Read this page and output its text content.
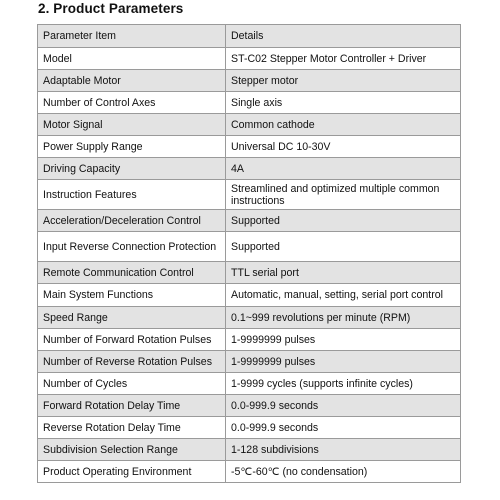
2. Product Parameters
Parameter Item	Details
Model	ST-C02 Stepper Motor Controller + Driver
Adaptable Motor	Stepper motor
Number of Control Axes	Single axis
Motor Signal	Common cathode
Power Supply Range	Universal DC 10-30V
Driving Capacity	4A
Instruction Features	Streamlined and optimized multiple common instructions
Acceleration/Deceleration Control	Supported
Input Reverse Connection Protection	Supported
Remote Communication Control	TTL serial port
Main System Functions	Automatic, manual, setting, serial port control
Speed Range	0.1~999 revolutions per minute (RPM)
Number of Forward Rotation Pulses	1-9999999 pulses
Number of Reverse Rotation Pulses	1-9999999 pulses
Number of Cycles	1-9999 cycles (supports infinite cycles)
Forward Rotation Delay Time	0.0-999.9 seconds
Reverse Rotation Delay Time	0.0-999.9 seconds
Subdivision Selection Range	1-128 subdivisions
Product Operating Environment	-5℃-60℃ (no condensation)
